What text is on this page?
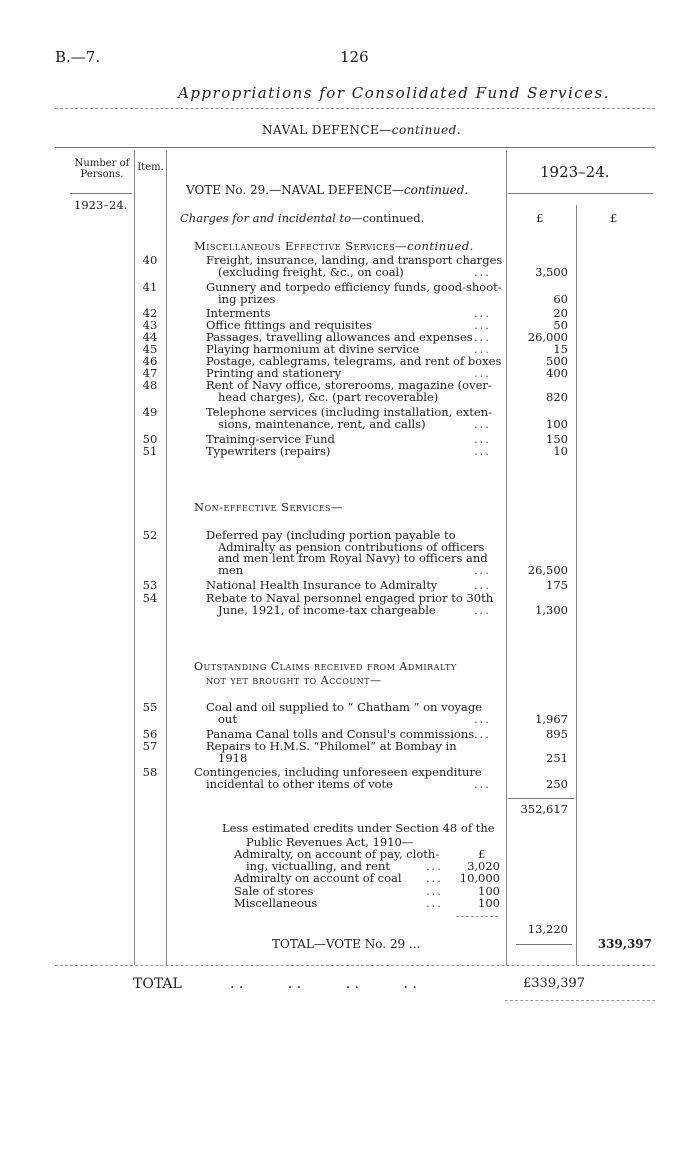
B.—7.	126
Appropriations for Consolidated Fund Services.
NAVAL DEFENCE—continued.
Number of Persons.
Item.	1923–24.
1923–24.
£	£
VOTE No. 29.—NAVAL DEFENCE—continued.
Charges for and incidental to—continued.
Miscellaneous Effective Services—continued.
Non-effective Services—
Outstanding Claims received from Admiralty
not yet brought to Account—
40	Freight, insurance, landing, and transport charges
(excluding freight, &c., on coal)	...	3,500
41	Gunnery and torpedo efficiency funds, good-shoot-
ing prizes	60
42	Interments	...	20
43	Office fittings and requisites	...	50
44	Passages, travelling allowances and expenses ...	26,000
45	Playing harmonium at divine service	...	15
46	Postage, cablegrams, telegrams, and rent of boxes	500
47	Printing and stationery	...	400
48	Rent of Navy office, storerooms, magazine (over-
head charges), &c. (part recoverable)	820
49	Telephone services (including installation, exten-
sions, maintenance, rent, and calls)	...	100
50	Training-service Fund	...	150
51	Typewriters (repairs)	...	10
52	Deferred pay (including portion payable to
Admiralty as pension contributions of officers
and men lent from Royal Navy) to officers and
men	...	26,500
53	National Health Insurance to Admiralty	...	175
54	Rebate to Naval personnel engaged prior to 30th
June, 1921, of income-tax chargeable	...	1,300
55	Coal and oil supplied to “ Chatham ” on voyage
out	...	1,967
56	Panama Canal tolls and Consul's commissions ...	895
57	Repairs to H.M.S. “Philomel” at Bombay in
1918	251
58	Contingencies, including unforeseen expenditure
incidental to other items of vote	...	250
352,617
Less estimated credits under Section 48 of the
Public Revenues Act, 1910—
£
Admiralty, on account of pay, cloth-
ing, victualling, and rent	... 3,020
Admiralty on account of coal ... 10,000
Sale of stores	...	100
Miscellaneous	...	100
13,220
TOTAL—VOTE No. 29 ...	339,397
TOTAL	. .          . .          . .          . .	£339,397
